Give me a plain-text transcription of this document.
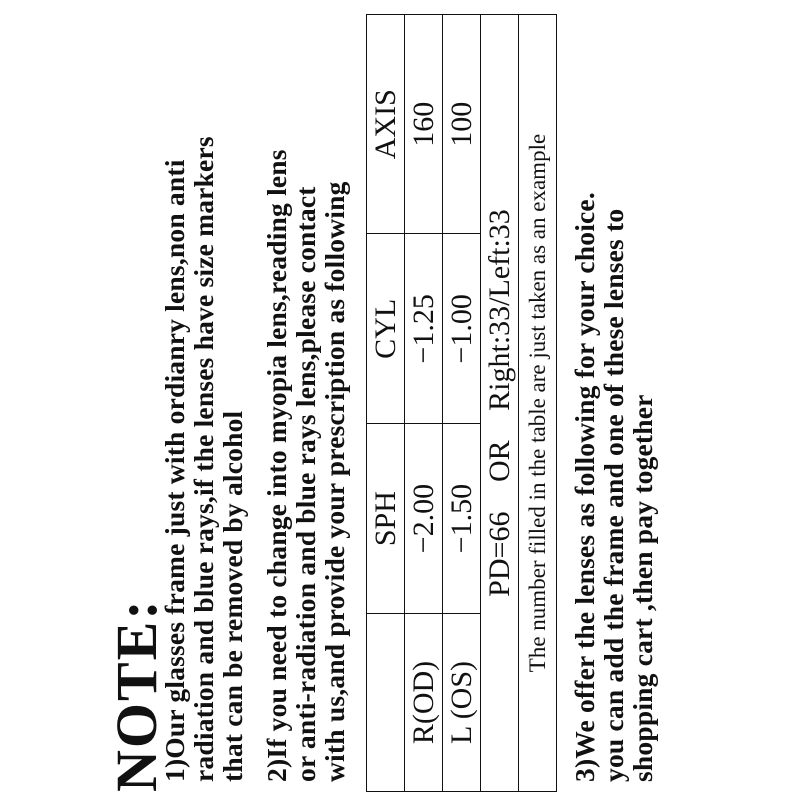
NOTE:
1)Our glasses frame just with ordianry lens,non anti
radiation and blue rays,if the lenses have size markers
that can be removed by alcohol 2)If you need to change into myopia lens,reading lens
or anti-radiation and blue rays lens,please contact
with us,and provide your prescription as following
	SPH	CYL	AXIS
R(OD)	−2.00	−1.25	160
L (OS)	−1.50	−1.00	100
PD=66 OR Right:33/Left:33			
The number filled in the table are just taken as an example			3)We offer the lenses as following for your choice.
you can add the frame and one of these lenses to
shopping cart ,then pay together
